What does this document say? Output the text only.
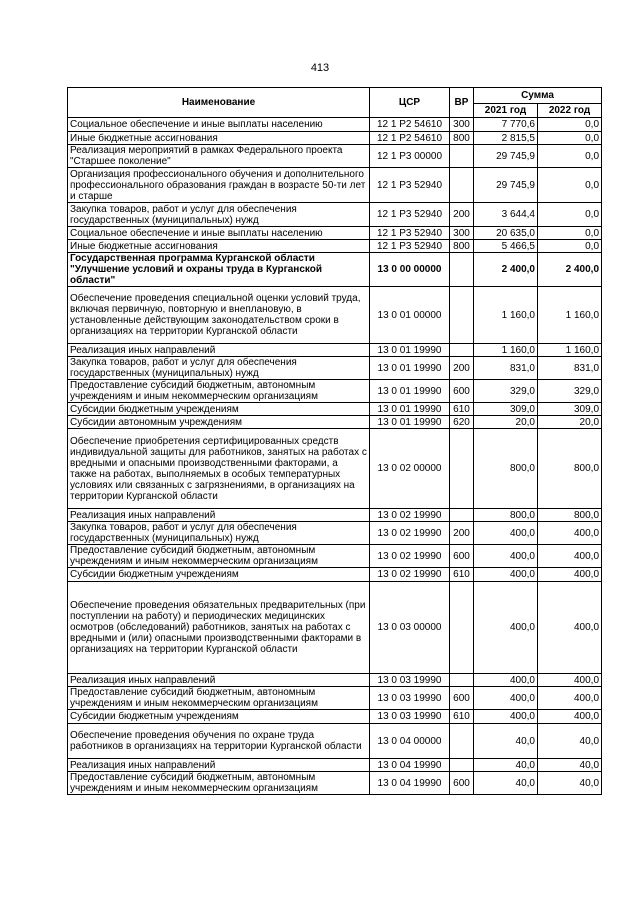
413
Наименование	ЦСР	ВР	Сумма	
			2021 год	2022 год
Социальное обеспечение и иные выплаты населению	12 1 P2 54610	300	7 770,6	0,0
Иные бюджетные ассигнования	12 1 P2 54610	800	2 815,5	0,0
Реализация мероприятий в рамках Федерального проекта "Старшее поколение"	12 1 P3 00000		29 745,9	0,0
Организация профессионального обучения и дополнительного профессионального образования граждан в возрасте 50-ти лет и старше	12 1 P3 52940		29 745,9	0,0
Закупка товаров, работ и услуг для обеспечения государственных (муниципальных) нужд	12 1 P3 52940	200	3 644,4	0,0
Социальное обеспечение и иные выплаты населению	12 1 P3 52940	300	20 635,0	0,0
Иные бюджетные ассигнования	12 1 P3 52940	800	5 466,5	0,0
Государственная программа Курганской области "Улучшение условий и охраны труда в Курганской области"	13 0 00 00000		2 400,0	2 400,0
Обеспечение проведения специальной оценки условий труда, включая первичную, повторную и внеплановую, в установленные действующим законодательством сроки в организациях на территории Курганской области	13 0 01 00000		1 160,0	1 160,0
Реализация иных направлений	13 0 01 19990		1 160,0	1 160,0
Закупка товаров, работ и услуг для обеспечения государственных (муниципальных) нужд	13 0 01 19990	200	831,0	831,0
Предоставление субсидий бюджетным, автономным учреждениям и иным некоммерческим организациям	13 0 01 19990	600	329,0	329,0
Субсидии бюджетным учреждениям	13 0 01 19990	610	309,0	309,0
Субсидии автономным учреждениям	13 0 01 19990	620	20,0	20,0
Обеспечение приобретения сертифицированных средств индивидуальной защиты для работников, занятых на работах с вредными и опасными производственными факторами, а также на работах, выполняемых в особых температурных условиях или связанных с загрязнениями, в организациях на территории Курганской области	13 0 02 00000		800,0	800,0
Реализация иных направлений	13 0 02 19990		800,0	800,0
Закупка товаров, работ и услуг для обеспечения государственных (муниципальных) нужд	13 0 02 19990	200	400,0	400,0
Предоставление субсидий бюджетным, автономным учреждениям и иным некоммерческим организациям	13 0 02 19990	600	400,0	400,0
Субсидии бюджетным учреждениям	13 0 02 19990	610	400,0	400,0
Обеспечение проведения обязательных предварительных (при поступлении на работу) и периодических медицинских осмотров (обследований) работников, занятых на работах с вредными и (или) опасными производственными факторами в организациях на территории Курганской области	13 0 03 00000		400,0	400,0
Реализация иных направлений	13 0 03 19990		400,0	400,0
Предоставление субсидий бюджетным, автономным учреждениям и иным некоммерческим организациям	13 0 03 19990	600	400,0	400,0
Субсидии бюджетным учреждениям	13 0 03 19990	610	400,0	400,0
Обеспечение проведения обучения по охране труда работников в организациях на территории Курганской области	13 0 04 00000		40,0	40,0
Реализация иных направлений	13 0 04 19990		40,0	40,0
Предоставление субсидий бюджетным, автономным учреждениям и иным некоммерческим организациям	13 0 04 19990	600	40,0	40,0
